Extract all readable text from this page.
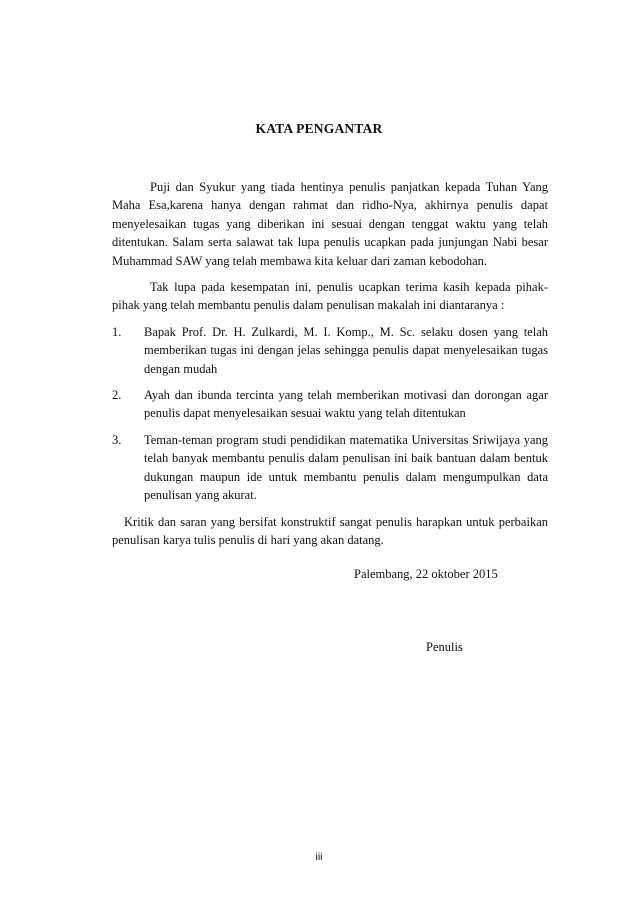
KATA PENGANTAR

Puji dan Syukur yang tiada hentinya penulis panjatkan kepada Tuhan Yang Maha Esa,karena hanya dengan rahmat dan ridho-Nya, akhirnya penulis dapat menyelesaikan tugas yang diberikan ini sesuai dengan tenggat waktu yang telah ditentukan. Salam serta salawat tak lupa penulis ucapkan pada junjungan Nabi besar Muhammad SAW yang telah membawa kita keluar dari zaman kebodohan.

Tak lupa pada kesempatan ini, penulis ucapkan terima kasih kepada pihak-pihak yang telah membantu penulis dalam penulisan makalah ini diantaranya :

1. Bapak Prof. Dr. H. Zulkardi, M. I. Komp., M. Sc. selaku dosen yang telah memberikan tugas ini dengan jelas sehingga penulis dapat menyelesaikan tugas dengan mudah
2. Ayah dan ibunda tercinta yang telah memberikan motivasi dan dorongan agar penulis dapat menyelesaikan sesuai waktu yang telah ditentukan
3. Teman-teman program studi pendidikan matematika Universitas Sriwijaya yang telah banyak membantu penulis dalam penulisan ini baik bantuan dalam bentuk dukungan maupun ide untuk membantu penulis dalam mengumpulkan data penulisan yang akurat.

Kritik dan saran yang bersifat konstruktif sangat penulis harapkan untuk perbaikan penulisan karya tulis penulis di hari yang akan datang.

Palembang, 22 oktober 2015
Penulis
iii
